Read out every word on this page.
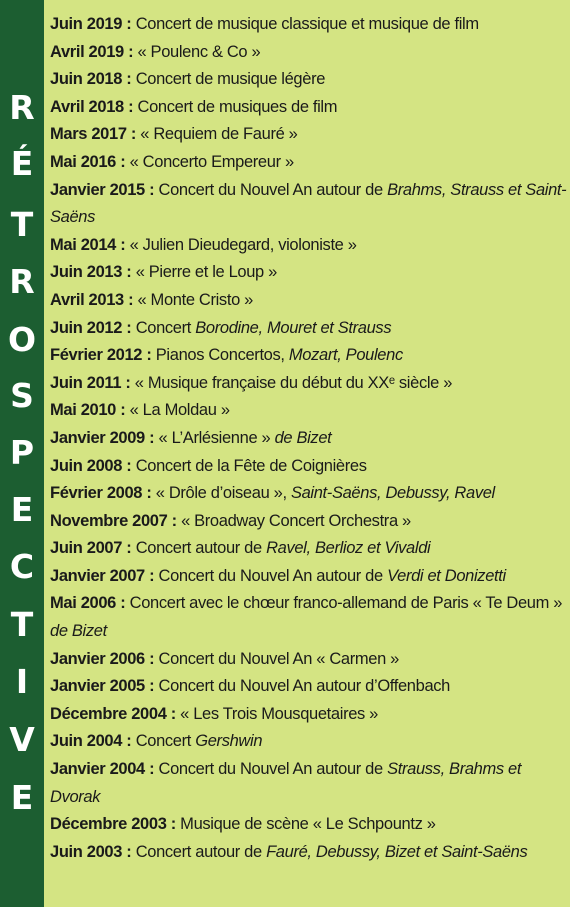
R
É
T
R
O
S
P
E
C
T
I
V
E

Juin 2019 : Concert de musique classique et musique de film

Avril 2019 : « Poulenc & Co »

Juin 2018 : Concert de musique légère

Avril 2018 : Concert de musiques de film

Mars 2017 : « Requiem de Fauré »

Mai 2016 : « Concerto Empereur »

Janvier 2015 : Concert du Nouvel An autour de Brahms, Strauss et Saint-Saëns

Mai 2014 : « Julien Dieudegard, violoniste »

Juin 2013 : « Pierre et le Loup »

Avril 2013 : « Monte Cristo »

Juin 2012 : Concert Borodine, Mouret et Strauss

Février 2012 : Pianos Concertos, Mozart, Poulenc

Juin 2011 : « Musique française du début du XXᵉ siècle »

Mai 2010 : « La Moldau »

Janvier 2009 : « L’Arlésienne » de Bizet

Juin 2008 : Concert de la Fête de Coignières

Février 2008 : « Drôle d’oiseau », Saint-Saëns, Debussy, Ravel

Novembre 2007 : « Broadway Concert Orchestra »

Juin 2007 : Concert autour de Ravel, Berlioz et Vivaldi

Janvier 2007 : Concert du Nouvel An autour de Verdi et Donizetti

Mai 2006 : Concert avec le chœur franco-allemand de Paris « Te Deum » de Bizet

Janvier 2006 : Concert du Nouvel An « Carmen »

Janvier 2005 : Concert du Nouvel An autour d’Offenbach

Décembre 2004 : « Les Trois Mousquetaires »

Juin 2004 : Concert Gershwin

Janvier 2004 : Concert du Nouvel An autour de Strauss, Brahms et Dvorak

Décembre 2003 : Musique de scène « Le Schpountz »

Juin 2003 : Concert autour de Fauré, Debussy, Bizet et Saint-Saëns
